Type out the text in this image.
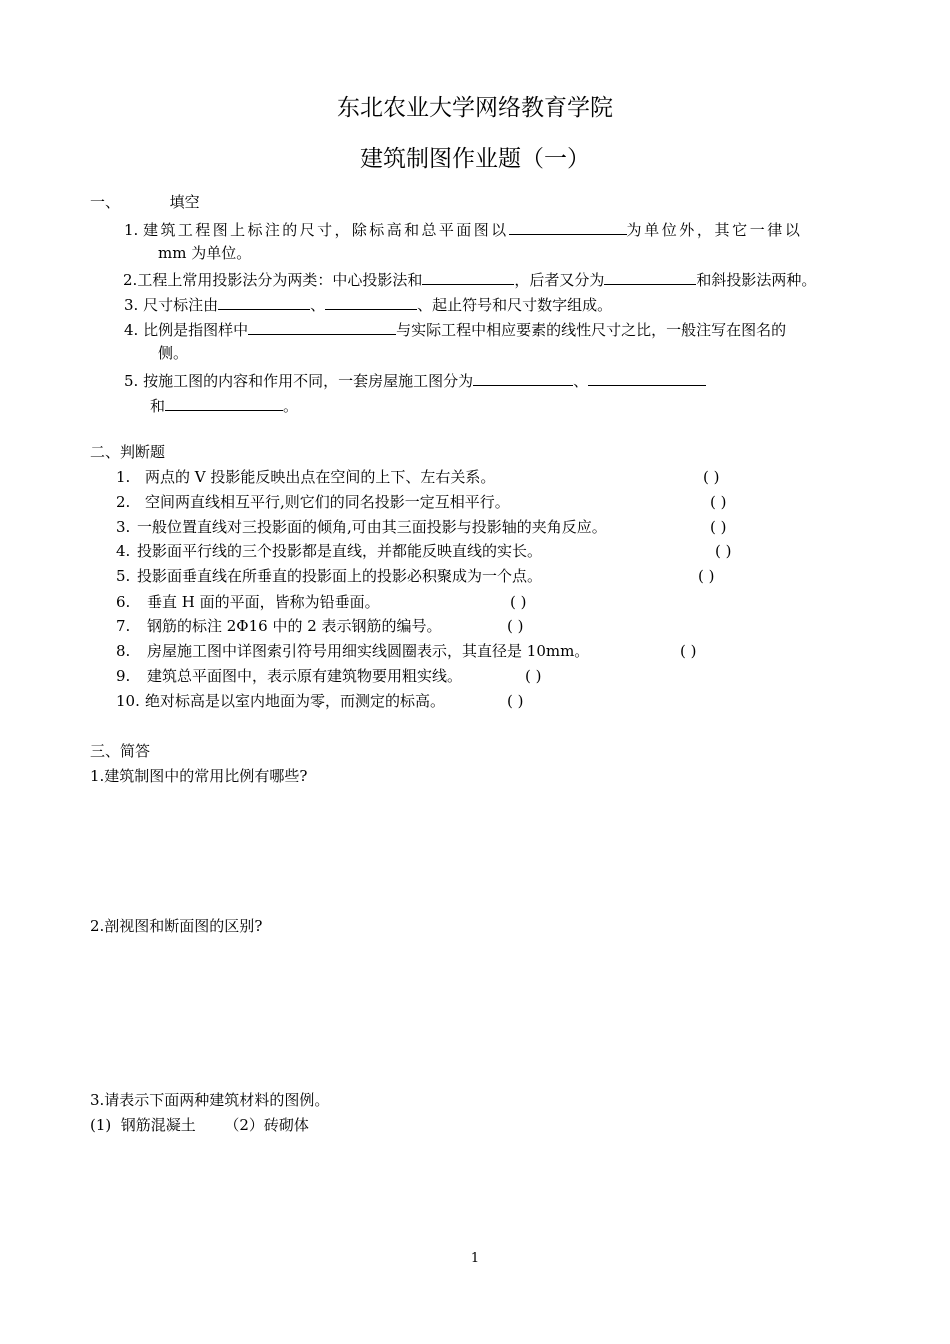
东北农业大学网络教育学院
建筑制图作业题（一）
一、	填空
1. 建筑工程图上标注的尺寸，除标高和总平面图以	为单位外，其它一律以
mm 为单位。
2.工程上常用投影法分为两类：中心投影法和	，后者又分为	和斜投影法两种。
3. 尺寸标注由	、	、起止符号和尺寸数字组成。
4. 比例是指图样中	与实际工程中相应要素的线性尺寸之比，一般注写在图名的
侧。
5. 按施工图的内容和作用不同，一套房屋施工图分为	、
和	。
二、判断题
1. 两点的 V 投影能反映出点在空间的上下、左右关系。	( )
2. 空间两直线相互平行,则它们的同名投影一定互相平行。	( )
3. 一般位置直线对三投影面的倾角,可由其三面投影与投影轴的夹角反应。	( )
4. 投影面平行线的三个投影都是直线，并都能反映直线的实长。	( )
5. 投影面垂直线在所垂直的投影面上的投影必积聚成为一个点。	( )
6. 垂直 H 面的平面，皆称为铅垂面。	( )
7. 钢筋的标注 2Φ16 中的 2 表示钢筋的编号。	( )
8. 房屋施工图中详图索引符号用细实线圆圈表示，其直径是 10mm。	( )
9. 建筑总平面图中，表示原有建筑物要用粗实线。	( )
10. 绝对标高是以室内地面为零，而测定的标高。	( )
三、简答
1.建筑制图中的常用比例有哪些?
2.剖视图和断面图的区别?
3.请表示下面两种建筑材料的图例。
(1)  钢筋混凝土      （2）砖砌体
1
